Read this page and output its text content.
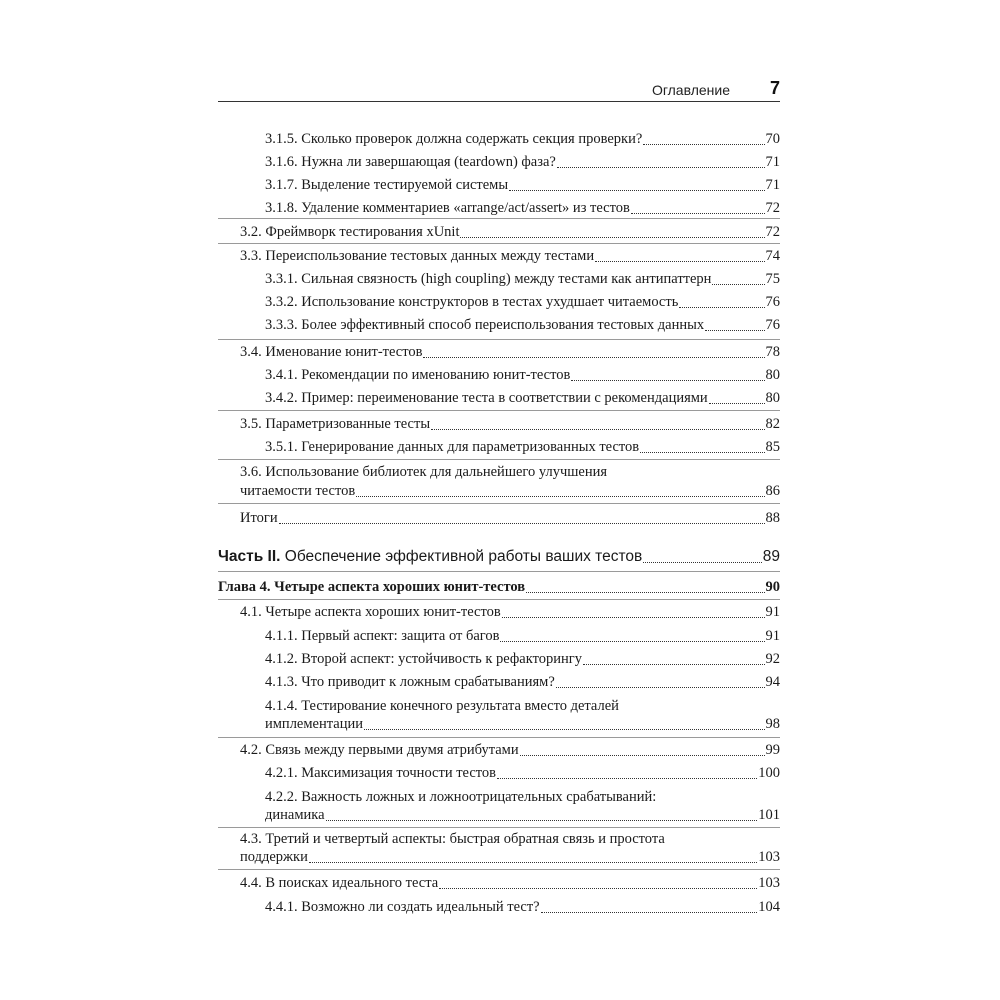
Оглавление 7
3.1.5. Сколько проверок должна содержать секция проверки?	70
3.1.6. Нужна ли завершающая (teardown) фаза?	71
3.1.7. Выделение тестируемой системы	71
3.1.8. Удаление комментариев «arrange/act/assert» из тестов	72
3.2. Фреймворк тестирования xUnit	72
3.3. Переиспользование тестовых данных между тестами	74
3.3.1. Сильная связность (high coupling) между тестами как антипаттерн	75
3.3.2. Использование конструкторов в тестах ухудшает читаемость	76
3.3.3. Более эффективный способ переиспользования тестовых данных	76
3.4. Именование юнит-тестов	78
3.4.1. Рекомендации по именованию юнит-тестов	80
3.4.2. Пример: переименование теста в соответствии с рекомендациями	80
3.5. Параметризованные тесты	82
3.5.1. Генерирование данных для параметризованных тестов	85
3.6. Использование библиотек для дальнейшего улучшения
читаемости тестов	86
Итоги	88
Часть II. Обеспечение эффективной работы ваших тестов	89
Глава 4. Четыре аспекта хороших юнит-тестов	90
4.1. Четыре аспекта хороших юнит-тестов	91
4.1.1. Первый аспект: защита от багов	91
4.1.2. Второй аспект: устойчивость к рефакторингу	92
4.1.3. Что приводит к ложным срабатываниям?	94
4.1.4. Тестирование конечного результата вместо деталей
имплементации	98
4.2. Связь между первыми двумя атрибутами	99
4.2.1. Максимизация точности тестов	100
4.2.2. Важность ложных и ложноотрицательных срабатываний:
динамика	101
4.3. Третий и четвертый аспекты: быстрая обратная связь и простота
поддержки	103
4.4. В поисках идеального теста	103
4.4.1. Возможно ли создать идеальный тест?	104
